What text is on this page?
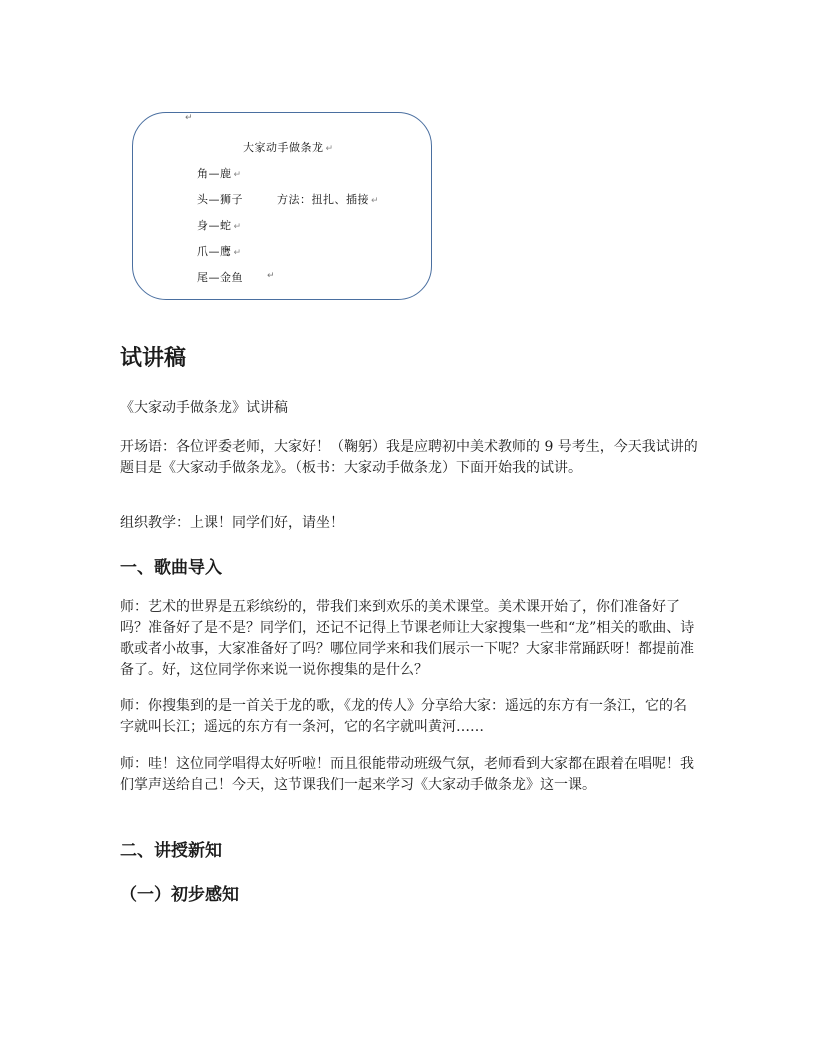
↵
大家动手做条龙 ↵
角—鹿 ↵
头—狮子	方法：扭扎、插接 ↵
身—蛇 ↵
爪—鹰 ↵
尾—金鱼	↵
试讲稿

《大家动手做条龙》试讲稿

开场语：各位评委老师，大家好！（鞠躬）我是应聘初中美术教师的 9 号考生，今天我试讲的题目是《大家动手做条龙》。（板书：大家动手做条龙）下面开始我的试讲。

组织教学：上课！同学们好，请坐！

一、歌曲导入

师：艺术的世界是五彩缤纷的，带我们来到欢乐的美术课堂。美术课开始了，你们准备好了吗？准备好了是不是？同学们，还记不记得上节课老师让大家搜集一些和“龙”相关的歌曲、诗歌或者小故事，大家准备好了吗？哪位同学来和我们展示一下呢？大家非常踊跃呀！都提前准备了。好，这位同学你来说一说你搜集的是什么？

师：你搜集到的是一首关于龙的歌，《龙的传人》分享给大家：遥远的东方有一条江，它的名字就叫长江；遥远的东方有一条河，它的名字就叫黄河……

师：哇！这位同学唱得太好听啦！而且很能带动班级气氛，老师看到大家都在跟着在唱呢！我们掌声送给自己！今天，这节课我们一起来学习《大家动手做条龙》这一课。

二、讲授新知
（一）初步感知
